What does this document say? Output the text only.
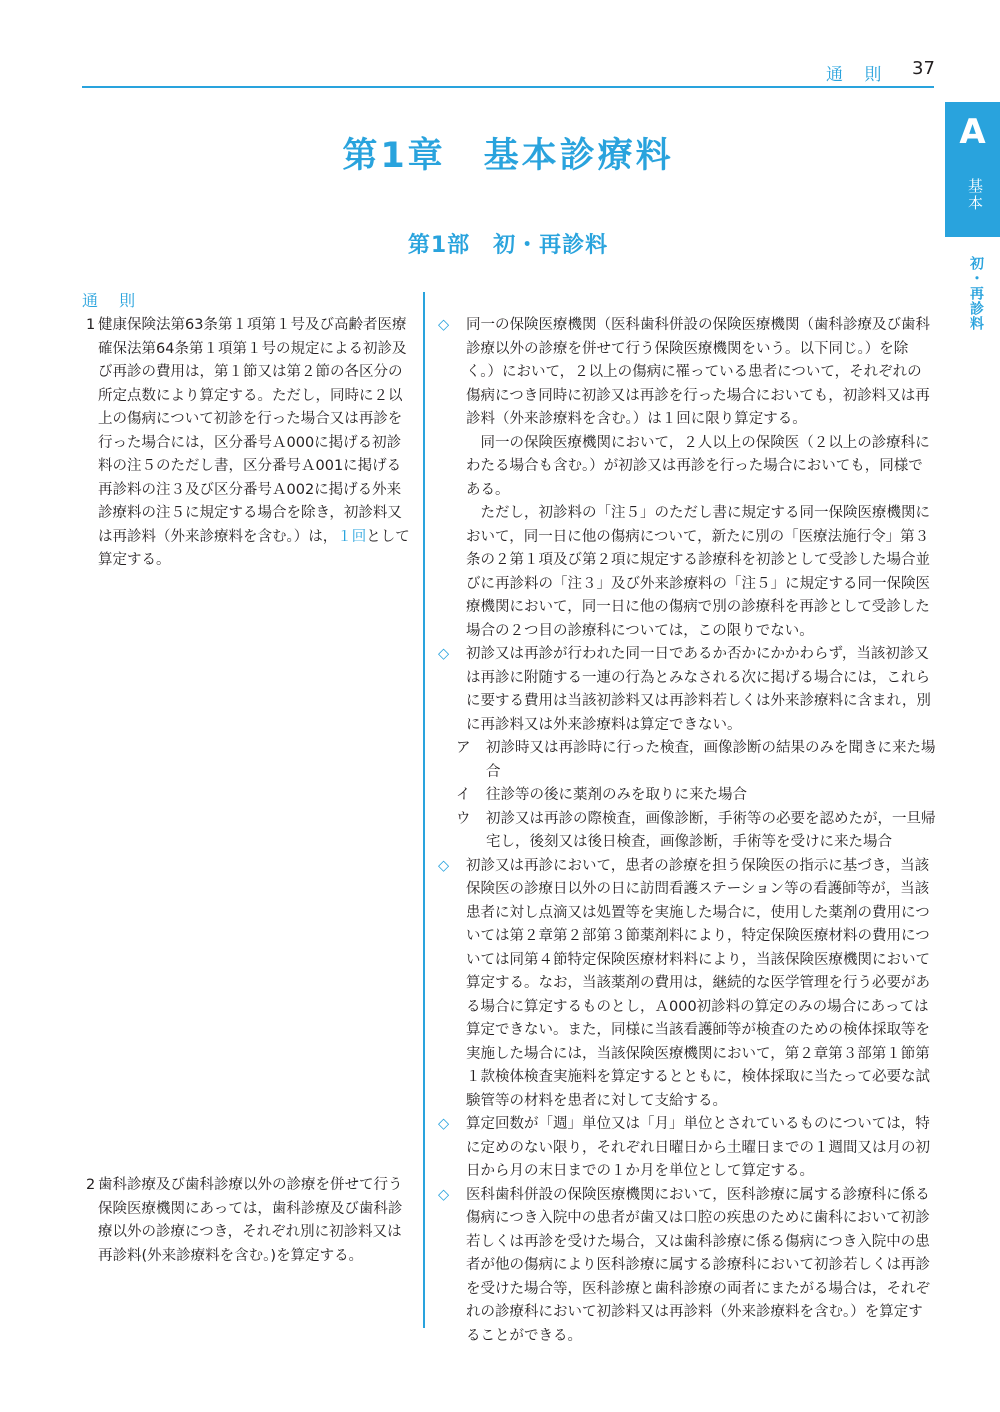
通 則 37
A
基本
初・再診料
第1章　基本診療料
第1部　初・再診料
通 則
1 健康保険法第63条第１項第１号及び高齢者医療確保法第64条第１項第１号の規定による初診及び再診の費用は，第１節又は第２節の各区分の所定点数により算定する。ただし，同時に２以上の傷病について初診を行った場合又は再診を行った場合には，区分番号Ａ000に掲げる初診料の注５のただし書，区分番号Ａ001に掲げる再診料の注３及び区分番号Ａ002に掲げる外来診療料の注５に規定する場合を除き，初診料又は再診料（外来診療料を含む。）は，１回として算定する。
2 歯科診療及び歯科診療以外の診療を併せて行う保険医療機関にあっては，歯科診療及び歯科診療以外の診療につき，それぞれ別に初診料又は再診料(外来診療料を含む。)を算定する。
◇ 同一の保険医療機関（医科歯科併設の保険医療機関（歯科診療及び歯科診療以外の診療を併せて行う保険医療機関をいう。以下同じ。）を除く。）において，２以上の傷病に罹っている患者について，それぞれの傷病につき同時に初診又は再診を行った場合においても，初診料又は再診料（外来診療料を含む。）は１回に限り算定する。

同一の保険医療機関において，２人以上の保険医（２以上の診療科にわたる場合も含む。）が初診又は再診を行った場合においても，同様である。

ただし，初診料の「注５」のただし書に規定する同一保険医療機関において，同一日に他の傷病について，新たに別の「医療法施行令」第３条の２第１項及び第２項に規定する診療科を初診として受診した場合並びに再診料の「注３」及び外来診療料の「注５」に規定する同一保険医療機関において，同一日に他の傷病で別の診療科を再診として受診した場合の２つ目の診療科については，この限りでない。

◇ 初診又は再診が行われた同一日であるか否かにかかわらず，当該初診又は再診に附随する一連の行為とみなされる次に掲げる場合には，これらに要する費用は当該初診料又は再診料若しくは外来診療料に含まれ，別に再診料又は外来診療料は算定できない。

ア 初診時又は再診時に行った検査，画像診断の結果のみを聞きに来た場合
イ 往診等の後に薬剤のみを取りに来た場合
ウ 初診又は再診の際検査，画像診断，手術等の必要を認めたが，一旦帰宅し，後刻又は後日検査，画像診断，手術等を受けに来た場合
◇ 初診又は再診において，患者の診療を担う保険医の指示に基づき，当該保険医の診療日以外の日に訪問看護ステーション等の看護師等が，当該患者に対し点滴又は処置等を実施した場合に，使用した薬剤の費用については第２章第２部第３節薬剤料により，特定保険医療材料の費用については同第４節特定保険医療材料料により，当該保険医療機関において算定する。なお，当該薬剤の費用は，継続的な医学管理を行う必要がある場合に算定するものとし，Ａ000初診料の算定のみの場合にあっては算定できない。また，同様に当該看護師等が検査のための検体採取等を実施した場合には，当該保険医療機関において，第２章第３部第１節第１款検体検査実施料を算定するとともに，検体採取に当たって必要な試験管等の材料を患者に対して支給する。

◇ 算定回数が「週」単位又は「月」単位とされているものについては，特に定めのない限り，それぞれ日曜日から土曜日までの１週間又は月の初日から月の末日までの１か月を単位として算定する。

◇ 医科歯科併設の保険医療機関において，医科診療に属する診療科に係る傷病につき入院中の患者が歯又は口腔の疾患のために歯科において初診若しくは再診を受けた場合，又は歯科診療に係る傷病につき入院中の患者が他の傷病により医科診療に属する診療科において初診若しくは再診を受けた場合等，医科診療と歯科診療の両者にまたがる場合は，それぞれの診療科において初診料又は再診料（外来診療料を含む。）を算定することができる。
